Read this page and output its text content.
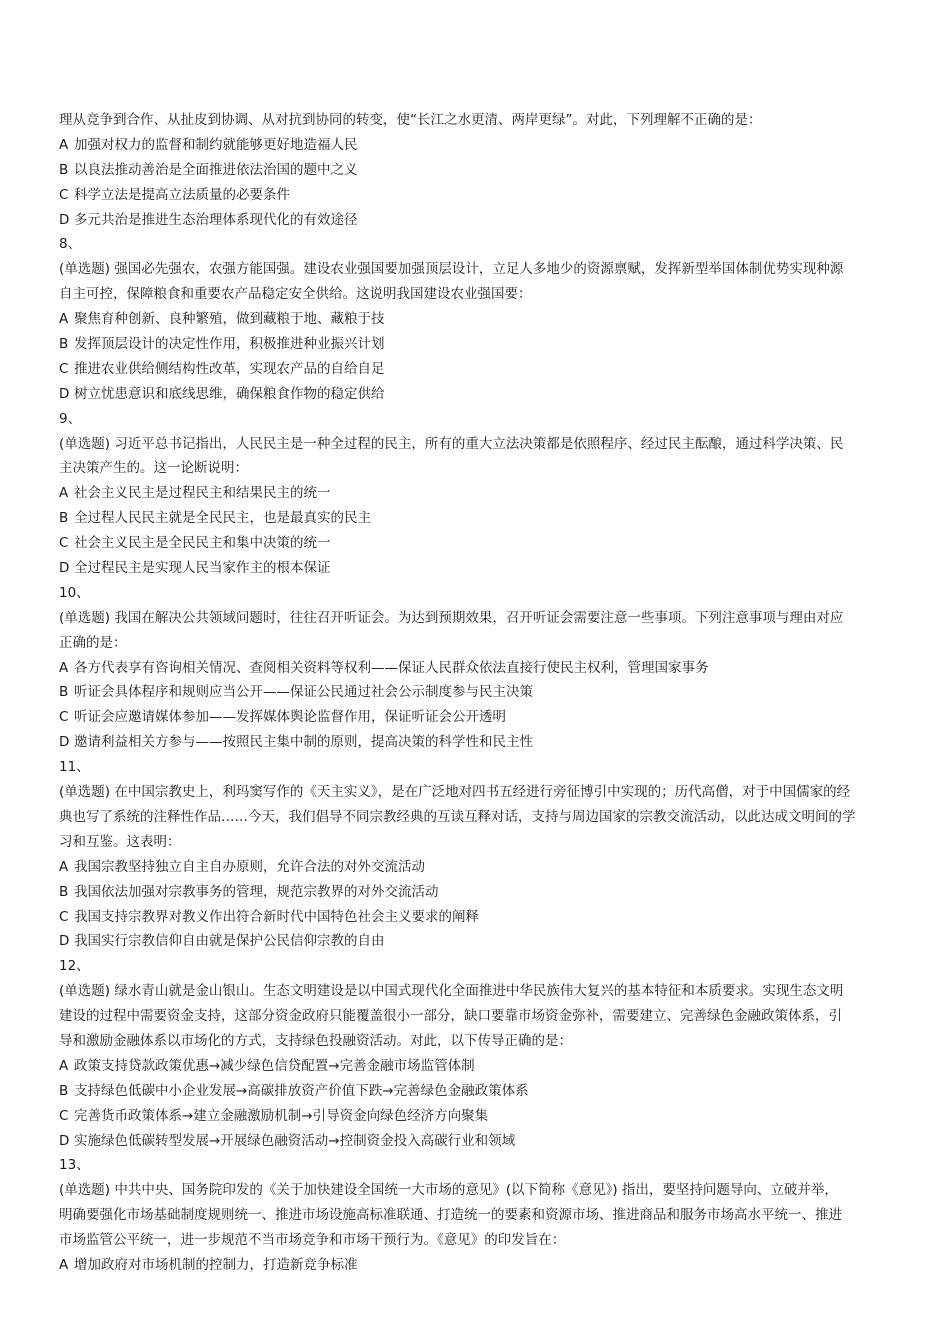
理从竞争到合作、从扯皮到协调、从对抗到协同的转变，使“长江之水更清、两岸更绿”。对此，下列理解不正确的是：
A 加强对权力的监督和制约就能够更好地造福人民
B 以良法推动善治是全面推进依法治国的题中之义
C 科学立法是提高立法质量的必要条件
D 多元共治是推进生态治理体系现代化的有效途径
8、
(单选题) 强国必先强农，农强方能国强。建设农业强国要加强顶层设计，立足人多地少的资源禀赋，发挥新型举国体制优势实现种源
自主可控，保障粮食和重要农产品稳定安全供给。这说明我国建设农业强国要：
A 聚焦育种创新、良种繁殖，做到藏粮于地、藏粮于技
B 发挥顶层设计的决定性作用，积极推进种业振兴计划
C 推进农业供给侧结构性改革，实现农产品的自给自足
D 树立忧患意识和底线思维，确保粮食作物的稳定供给
9、
(单选题) 习近平总书记指出，人民民主是一种全过程的民主，所有的重大立法决策都是依照程序、经过民主酝酿，通过科学决策、民
主决策产生的。这一论断说明：
A 社会主义民主是过程民主和结果民主的统一
B 全过程人民民主就是全民民主，也是最真实的民主
C 社会主义民主是全民民主和集中决策的统一
D 全过程民主是实现人民当家作主的根本保证
10、
(单选题) 我国在解决公共领域问题时，往往召开听证会。为达到预期效果，召开听证会需要注意一些事项。下列注意事项与理由对应
正确的是：
A 各方代表享有咨询相关情况、查阅相关资料等权利——保证人民群众依法直接行使民主权利，管理国家事务
B 听证会具体程序和规则应当公开——保证公民通过社会公示制度参与民主决策
C 听证会应邀请媒体参加——发挥媒体舆论监督作用，保证听证会公开透明
D 邀请利益相关方参与——按照民主集中制的原则，提高决策的科学性和民主性
11、
(单选题) 在中国宗教史上，利玛窦写作的《天主实义》，是在广泛地对四书五经进行旁征博引中实现的；历代高僧，对于中国儒家的经
典也写了系统的注释性作品……今天，我们倡导不同宗教经典的互读互释对话，支持与周边国家的宗教交流活动，以此达成文明间的学
习和互鉴。这表明：
A 我国宗教坚持独立自主自办原则，允许合法的对外交流活动
B 我国依法加强对宗教事务的管理，规范宗教界的对外交流活动
C 我国支持宗教界对教义作出符合新时代中国特色社会主义要求的阐释
D 我国实行宗教信仰自由就是保护公民信仰宗教的自由
12、
(单选题) 绿水青山就是金山银山。生态文明建设是以中国式现代化全面推进中华民族伟大复兴的基本特征和本质要求。实现生态文明
建设的过程中需要资金支持，这部分资金政府只能覆盖很小一部分，缺口要靠市场资金弥补，需要建立、完善绿色金融政策体系，引
导和激励金融体系以市场化的方式，支持绿色投融资活动。对此，以下传导正确的是：
A 政策支持贷款政策优惠→减少绿色信贷配置→完善金融市场监管体制
B 支持绿色低碳中小企业发展→高碳排放资产价值下跌→完善绿色金融政策体系
C 完善货币政策体系→建立金融激励机制→引导资金向绿色经济方向聚集
D 实施绿色低碳转型发展→开展绿色融资活动→控制资金投入高碳行业和领域
13、
(单选题) 中共中央、国务院印发的《关于加快建设全国统一大市场的意见》(以下简称《意见》) 指出，要坚持问题导向、立破并举，
明确要强化市场基础制度规则统一、推进市场设施高标准联通、打造统一的要素和资源市场、推进商品和服务市场高水平统一、推进
市场监管公平统一，进一步规范不当市场竞争和市场干预行为。《意见》的印发旨在：
A 增加政府对市场机制的控制力，打造新竞争标准
